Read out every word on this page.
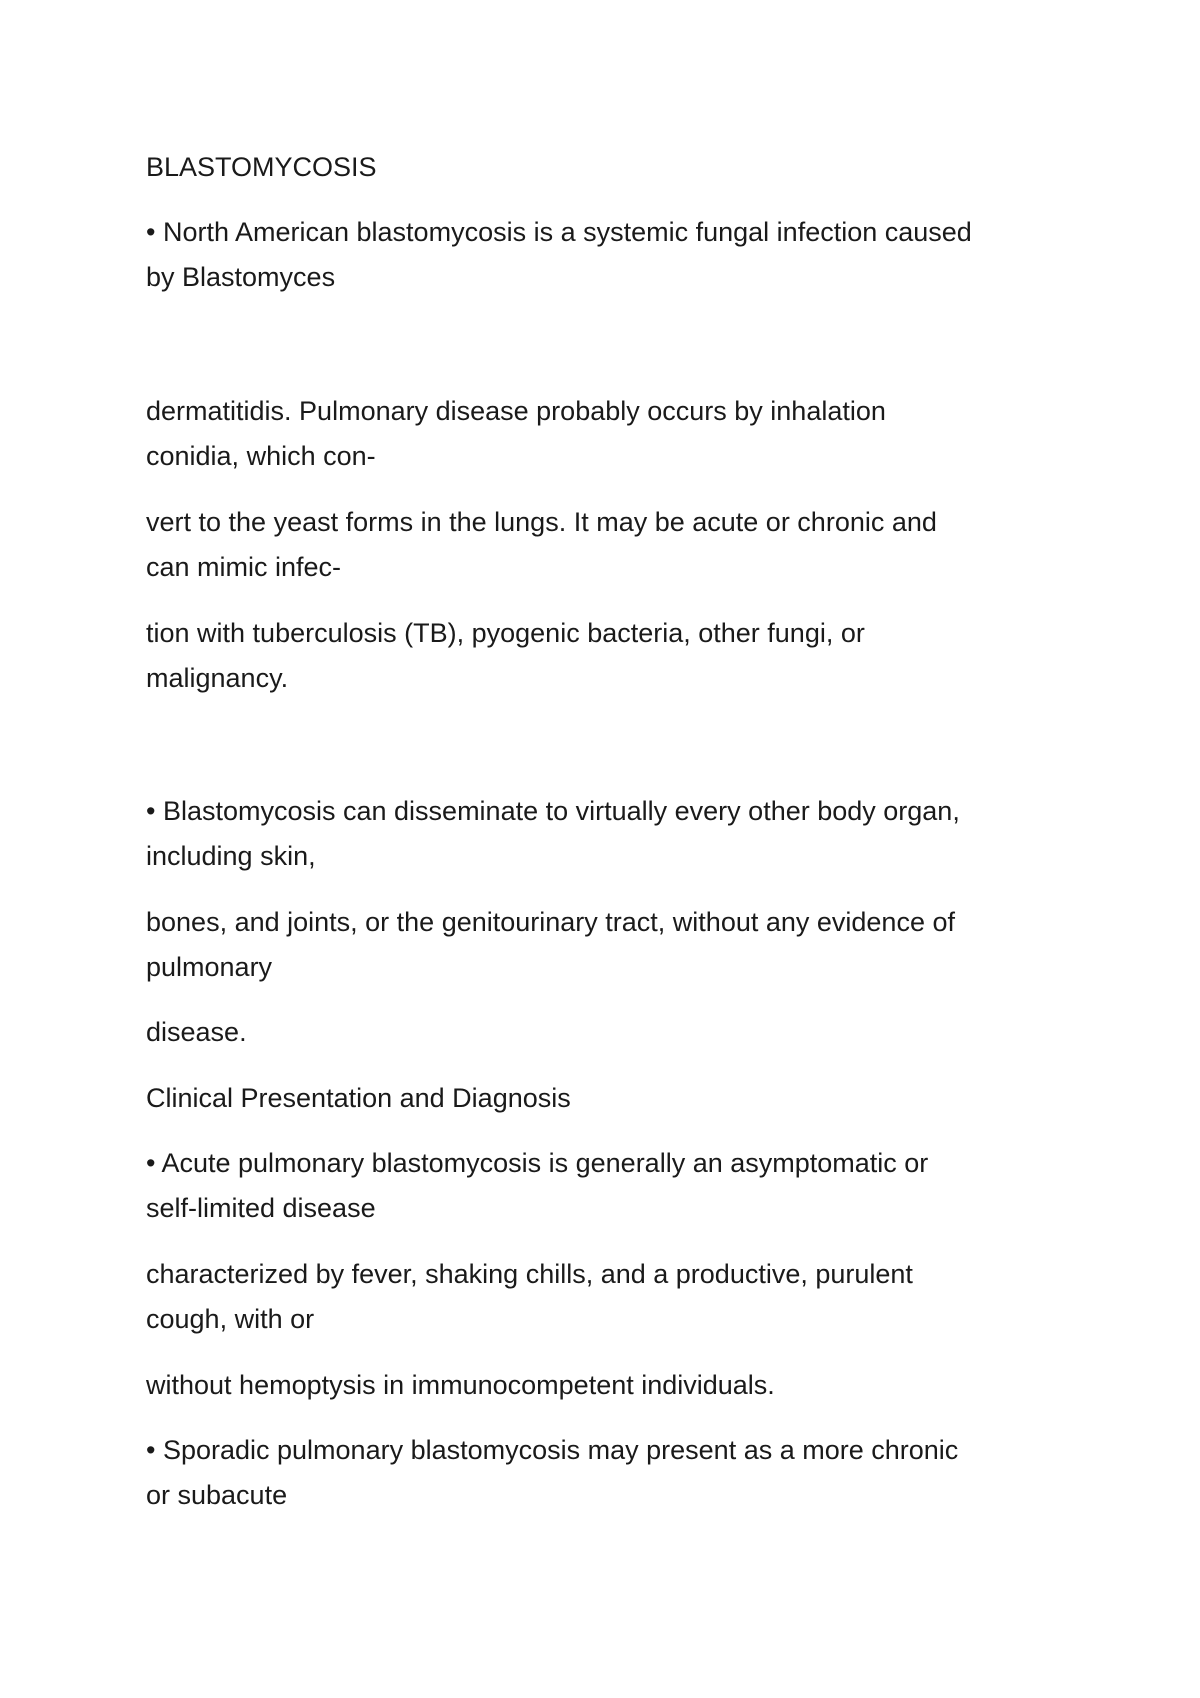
BLASTOMYCOSIS

• North American blastomycosis is a systemic fungal infection caused
by Blastomyces

dermatitidis. Pulmonary disease probably occurs by inhalation
conidia, which con-

vert to the yeast forms in the lungs. It may be acute or chronic and
can mimic infec-

tion with tuberculosis (TB), pyogenic bacteria, other fungi, or
malignancy.

• Blastomycosis can disseminate to virtually every other body organ,
including skin,

bones, and joints, or the genitourinary tract, without any evidence of
pulmonary

disease.

Clinical Presentation and Diagnosis

• Acute pulmonary blastomycosis is generally an asymptomatic or
self-limited disease

characterized by fever, shaking chills, and a productive, purulent
cough, with or

without hemoptysis in immunocompetent individuals.

• Sporadic pulmonary blastomycosis may present as a more chronic
or subacute
